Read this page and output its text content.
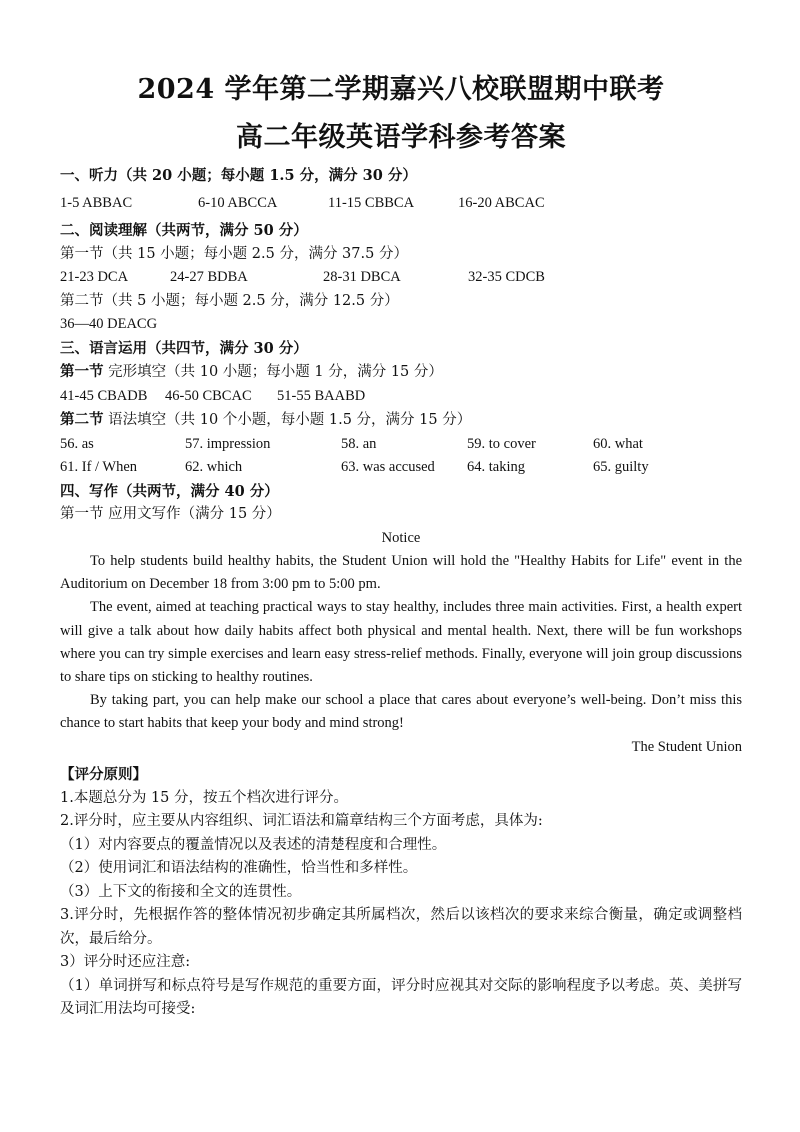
2024 学年第二学期嘉兴八校联盟期中联考
高二年级英语学科参考答案
一、听力（共 20 小题；每小题 1.5 分，满分 30 分）
1-5 ABBAC	6-10 ABCCA	11-15 CBBCA	16-20 ABCAC
二、阅读理解（共两节，满分 50 分）
第一节（共 15 小题；每小题 2.5 分，满分 37.5 分）
21-23 DCA	24-27 BDBA	28-31 DBCA	32-35 CDCB
第二节（共 5 小题；每小题 2.5 分，满分 12.5 分）
36—40 DEACG
三、语言运用（共四节，满分 30 分）
第一节 完形填空（共 10 小题；每小题 1 分，满分 15 分）
41-45 CBADB	46-50 CBCAC	51-55 BAABD
第二节 语法填空（共 10 个小题，每小题 1.5 分，满分 15 分）
56. as	57. impression	58. an	59. to cover	60. what
61. If / When	62. which	63. was accused	64. taking	65. guilty
四、写作（共两节，满分 40 分）
第一节 应用文写作（满分 15 分）
Notice

To help students build healthy habits, the Student Union will hold the "Healthy Habits for Life" event in the Auditorium on December 18 from 3:00 pm to 5:00 pm.

The event, aimed at teaching practical ways to stay healthy, includes three main activities. First, a health expert will give a talk about how daily habits affect both physical and mental health. Next, there will be fun workshops where you can try simple exercises and learn easy stress-relief methods. Finally, everyone will join group discussions to share tips on sticking to healthy routines.

By taking part, you can help make our school a place that cares about everyone’s well-being. Don’t miss this chance to start habits that keep your body and mind strong!

The Student Union
【评分原则】
1.本题总分为 15 分，按五个档次进行评分。
2.评分时，应主要从内容组织、词汇语法和篇章结构三个方面考虑，具体为:
（1）对内容要点的覆盖情况以及表述的清楚程度和合理性。
（2）使用词汇和语法结构的准确性，恰当性和多样性。
（3）上下文的衔接和全文的连贯性。
3.评分时，先根据作答的整体情况初步确定其所属档次，然后以该档次的要求来综合衡量，确定或调整档次，最后给分。
3）评分时还应注意:
（1）单词拼写和标点符号是写作规范的重要方面，评分时应视其对交际的影响程度予以考虑。英、美拼写及词汇用法均可接受:
